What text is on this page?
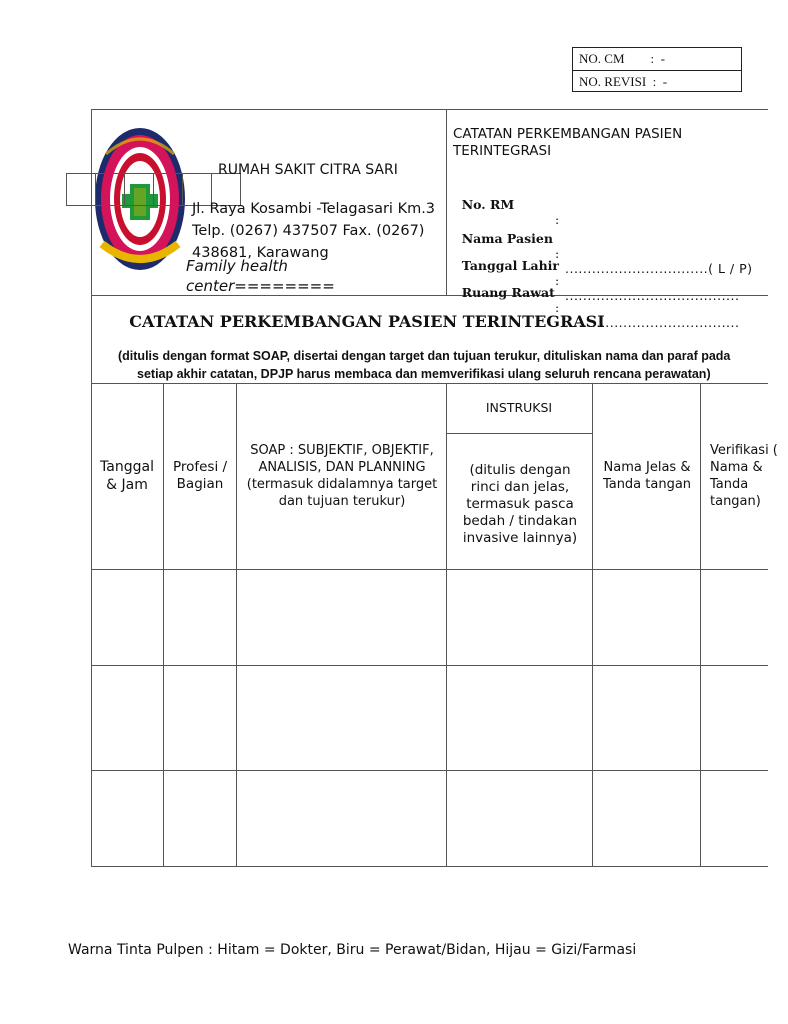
NO. CM        :  -
NO. REVISI  :  -
RUMAH SAKIT CITRA SARI
Jl. Raya Kosambi -Telagasari Km.3 Telp. (0267) 437507 Fax. (0267) 438681, Karawang
Family health center========
CATATAN PERKEMBANGAN PASIEN TERINTEGRASI

No. RM

:

Nama Pasien

:

................................( L / P)

Tanggal Lahir

:

.......................................

Ruang Rawat

:

.......................................

CATATAN PERKEMBANGAN PASIEN TERINTEGRASI
(ditulis dengan format SOAP, disertai dengan target dan tujuan terukur, dituliskan nama dan paraf pada
setiap akhir catatan, DPJP harus membaca dan memverifikasi ulang seluruh rencana perawatan)
Tanggal & Jam
Profesi / Bagian
SOAP : SUBJEKTIF, OBJEKTIF, ANALISIS, DAN PLANNING (termasuk didalamnya target dan tujuan terukur)
INSTRUKSI
(ditulis dengan rinci dan jelas, termasuk pasca bedah / tindakan invasive lainnya)
Nama Jelas & Tanda tangan
Verifikasi ( Nama & Tanda tangan)
Warna Tinta Pulpen : Hitam = Dokter, Biru = Perawat/Bidan, Hijau = Gizi/Farmasi
